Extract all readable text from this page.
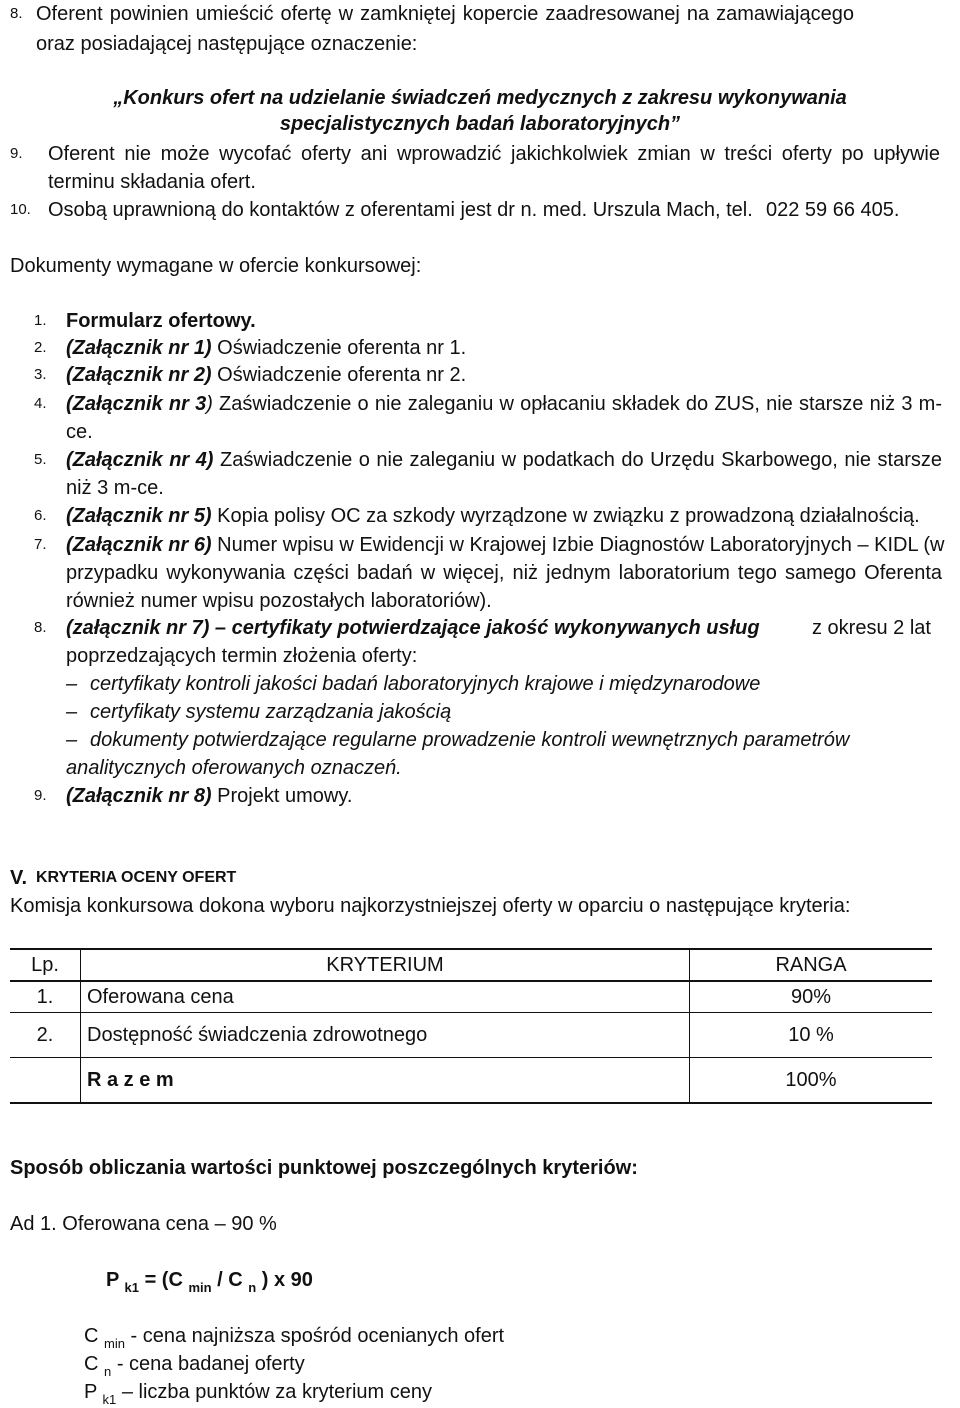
8. Oferent powinien umieścić ofertę w zamkniętej kopercie zaadresowanej na zamawiającego
oraz posiadającej następujące oznaczenie:
„Konkurs ofert na udzielanie świadczeń medycznych z zakresu wykonywania
specjalistycznych badań laboratoryjnych”
9. Oferent nie może wycofać oferty ani wprowadzić jakichkolwiek zmian w treści oferty po upływie
terminu składania ofert.
10. Osobą uprawnioną do kontaktów z oferentami jest dr n. med. Urszula Mach, tel. 022 59 66 405.
Dokumenty wymagane w ofercie konkursowej:
1. Formularz ofertowy.
2. (Załącznik nr 1) Oświadczenie oferenta nr 1.
3. (Załącznik nr 2) Oświadczenie oferenta nr 2.
4. (Załącznik nr 3) Zaświadczenie o nie zaleganiu w opłacaniu składek do ZUS, nie starsze niż 3 m-
ce.
5. (Załącznik nr 4) Zaświadczenie o nie zaleganiu w podatkach do Urzędu Skarbowego, nie starsze
niż 3 m-ce.
6. (Załącznik nr 5) Kopia polisy OC za szkody wyrządzone w związku z prowadzoną działalnością.
7. (Załącznik nr 6) Numer wpisu w Ewidencji w Krajowej Izbie Diagnostów Laboratoryjnych – KIDL (w
przypadku wykonywania części badań w więcej, niż jednym laboratorium tego samego Oferenta
również numer wpisu pozostałych laboratoriów).
8. (załącznik nr 7) – certyfikaty potwierdzające jakość wykonywanych usług	z okresu 2 lat
poprzedzających termin złożenia oferty:
– certyfikaty kontroli jakości badań laboratoryjnych krajowe i międzynarodowe
– certyfikaty systemu zarządzania jakością
– dokumenty potwierdzające regularne prowadzenie kontroli wewnętrznych parametrów
analitycznych oferowanych oznaczeń.
9. (Załącznik nr 8) Projekt umowy.
V. KRYTERIA OCENY OFERT
Komisja konkursowa dokona wyboru najkorzystniejszej oferty w oparciu o następujące kryteria:
Lp.	KRYTERIUM	RANGA
1.	Oferowana cena	90%
2.	Dostępność świadczenia zdrowotnego	10 %
	R a z e m	100%
Sposób obliczania wartości punktowej poszczególnych kryteriów:
Ad 1. Oferowana cena – 90 %
P $_{k1}$ = (C $_{min}$ / C $_n$ ) x 90
C $_{min}$ - cena najniższa spośród ocenianych ofert
C $_n$ - cena badanej oferty
P $_{k1}$ – liczba punktów za kryterium ceny
